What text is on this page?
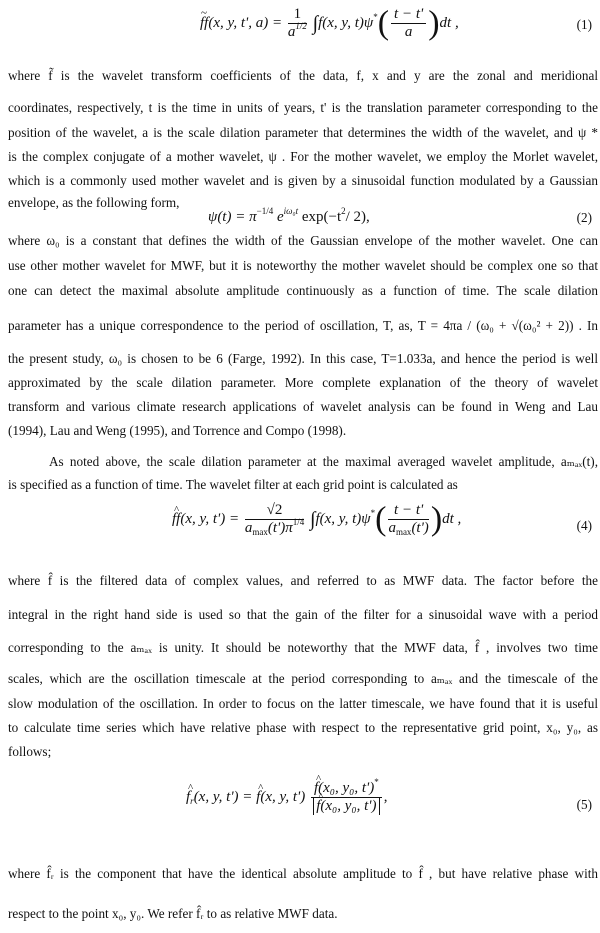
~ ff(x, y, t', $a) = \frac{1}{a^{1/2}} \int f(x$, y, $t)\psi^*( \frac{t - t'}{a} )dt$ ,	(1)
where f̃ is the wavelet transform coefficients of the data, f, x and y are the zonal and meridional
coordinates, respectively, t is the time in units of years, t' is the translation parameter corresponding to the
position of the wavelet, a is the scale dilation parameter that determines the width of the wavelet, and ψ *
is the complex conjugate of a mother wavelet, ψ . For the mother wavelet, we employ the Morlet wavelet,
which is a commonly used mother wavelet and is given by a sinusoidal function modulated by a Gaussian
envelope, as the following form,
$\psi(t) = \pi^{-1/4}$ $e^{i\omega_0t}$ $\exp(-t^2/$ 2),	(2)
where ω₀ is a constant that defines the width of the Gaussian envelope of the mother wavelet. One can
use other mother wavelet for MWF, but it is noteworthy the mother wavelet should be complex one so that
one can detect the maximal absolute amplitude continuously as a function of time. The scale dilation
parameter has a unique correspondence to the period of oscillation, T, as, T = 4πa / (ω₀ + √(ω₀² + 2)) . In
the present study, ω₀ is chosen to be 6 (Farge, 1992). In this case, T=1.033a, and hence the period is well
approximated by the scale dilation parameter. More complete explanation of the theory of wavelet
transform and various climate research applications of wavelet analysis can be found in Weng and Lau
(1994), Lau and Weng (1995), and Torrence and Compo (1998).
As noted above, the scale dilation parameter at the maximal averaged wavelet amplitude, aₘₐₓ(t),
is specified as a function of time. The wavelet filter at each grid point is calculated as
^ ff(x, y, $t') = \frac{√2}{a_{max}(t')\pi^{1/4}} \int f(x$, y, $t)\psi^*( \frac{t - t'}{a_{max}(t')} )dt$ ,	(4)
where f̂ is the filtered data of complex values, and referred to as MWF data. The factor before the
integral in the right hand side is used so that the gain of the filter for a sinusoidal wave with a period
corresponding to the aₘₐₓ is unity. It should be noteworthy that the MWF data, f̂ , involves two time
scales, which are the oscillation timescale at the period corresponding to aₘₐₓ and the timescale of the
slow modulation of the oscillation. In order to focus on the latter timescale, we have found that it is useful
to calculate time series which have relative phase with respect to the representative grid point, x₀, y₀, as
follows;
^ $f_r(x$, y, t') = ^ f(x, y, t') ^ f(x₀, y₀, t')*
^ f(x₀, y₀, t') ,	(5)
where f̂ᵣ is the component that have the identical absolute amplitude to f̂ , but have relative phase with
respect to the point x₀, y₀. We refer f̂ᵣ to as relative MWF data.
